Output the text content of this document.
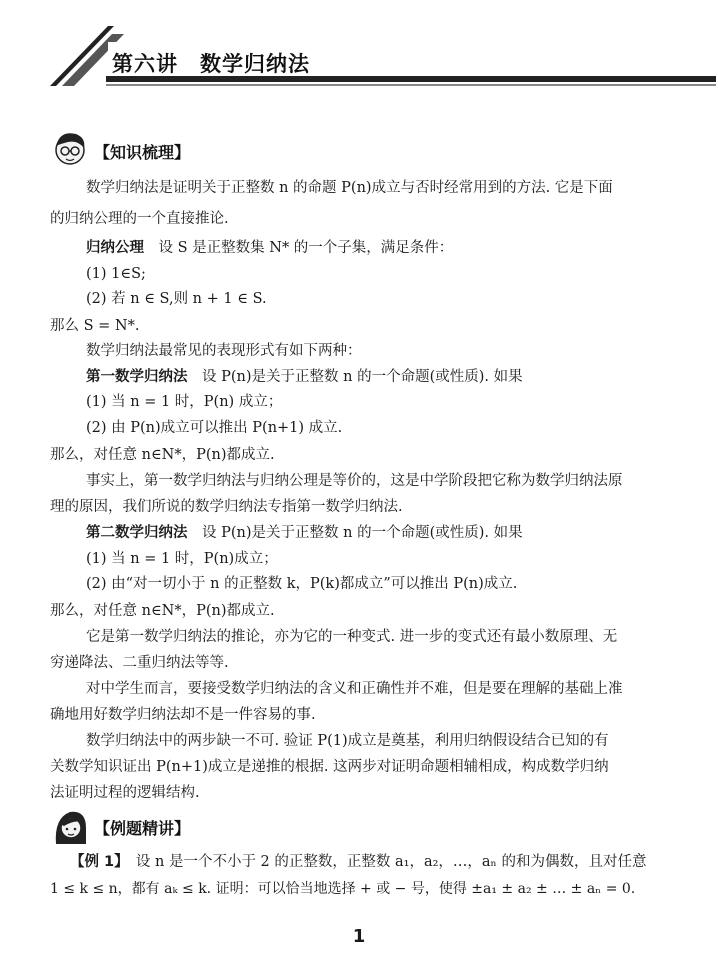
第六讲　数学归纳法
【知识梳理】
数学归纳法是证明关于正整数 n 的命题 P(n)成立与否时经常用到的方法. 它是下面
的归纳公理的一个直接推论.
归纳公理  设 S 是正整数集 N* 的一个子集，满足条件：
(1) 1∈S;
(2) 若 n ∈ S,则 n + 1 ∈ S.
那么 S = N*.
数学归纳法最常见的表现形式有如下两种：
第一数学归纳法  设 P(n)是关于正整数 n 的一个命题(或性质). 如果
(1) 当 n = 1 时，P(n) 成立；
(2) 由 P(n)成立可以推出 P(n+1) 成立.
那么，对任意 n∈N*，P(n)都成立.
事实上，第一数学归纳法与归纳公理是等价的，这是中学阶段把它称为数学归纳法原
理的原因，我们所说的数学归纳法专指第一数学归纳法.
第二数学归纳法  设 P(n)是关于正整数 n 的一个命题(或性质). 如果
(1) 当 n = 1 时，P(n)成立；
(2) 由“对一切小于 n 的正整数 k，P(k)都成立”可以推出 P(n)成立.
那么，对任意 n∈N*，P(n)都成立.
它是第一数学归纳法的推论，亦为它的一种变式. 进一步的变式还有最小数原理、无
穷递降法、二重归纳法等等.
对中学生而言，要接受数学归纳法的含义和正确性并不难，但是要在理解的基础上准
确地用好数学归纳法却不是一件容易的事.
数学归纳法中的两步缺一不可. 验证 P(1)成立是奠基，利用归纳假设结合已知的有
关数学知识证出 P(n+1)成立是递推的根据. 这两步对证明命题相辅相成，构成数学归纳
法证明过程的逻辑结构.
【例题精讲】
【例 1】  设 n 是一个不小于 2 的正整数，正整数 a₁，a₂，…，aₙ 的和为偶数，且对任意
1 ≤ k ≤ n，都有 aₖ ≤ k. 证明：可以恰当地选择 + 或 − 号，使得 ±a₁ ± a₂ ± … ± aₙ = 0.
1
